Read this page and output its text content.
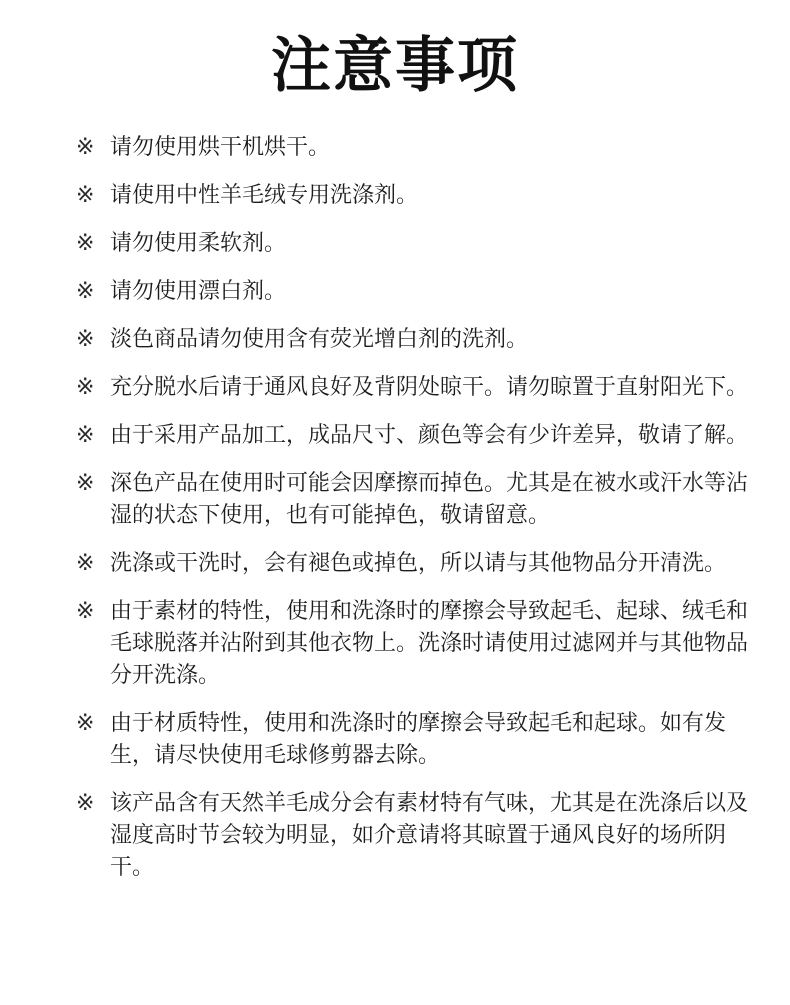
注意事项
※ 请勿使用烘干机烘干。
※ 请使用中性羊毛绒专用洗涤剂。
※ 请勿使用柔软剂。
※ 请勿使用漂白剂。
※ 淡色商品请勿使用含有荧光增白剂的洗剂。
※ 充分脱水后请于通风良好及背阴处晾干。请勿晾置于直射阳光下。
※ 由于采用产品加工，成品尺寸、颜色等会有少许差异，敬请了解。
※ 深色产品在使用时可能会因摩擦而掉色。尤其是在被水或汗水等沾湿的状态下使用，也有可能掉色，敬请留意。
※ 洗涤或干洗时，会有褪色或掉色，所以请与其他物品分开清洗。
※ 由于素材的特性，使用和洗涤时的摩擦会导致起毛、起球、绒毛和毛球脱落并沾附到其他衣物上。洗涤时请使用过滤网并与其他物品分开洗涤。
※ 由于材质特性，使用和洗涤时的摩擦会导致起毛和起球。如有发生，请尽快使用毛球修剪器去除。
※ 该产品含有天然羊毛成分会有素材特有气味，尤其是在洗涤后以及湿度高时节会较为明显，如介意请将其晾置于通风良好的场所阴干。
